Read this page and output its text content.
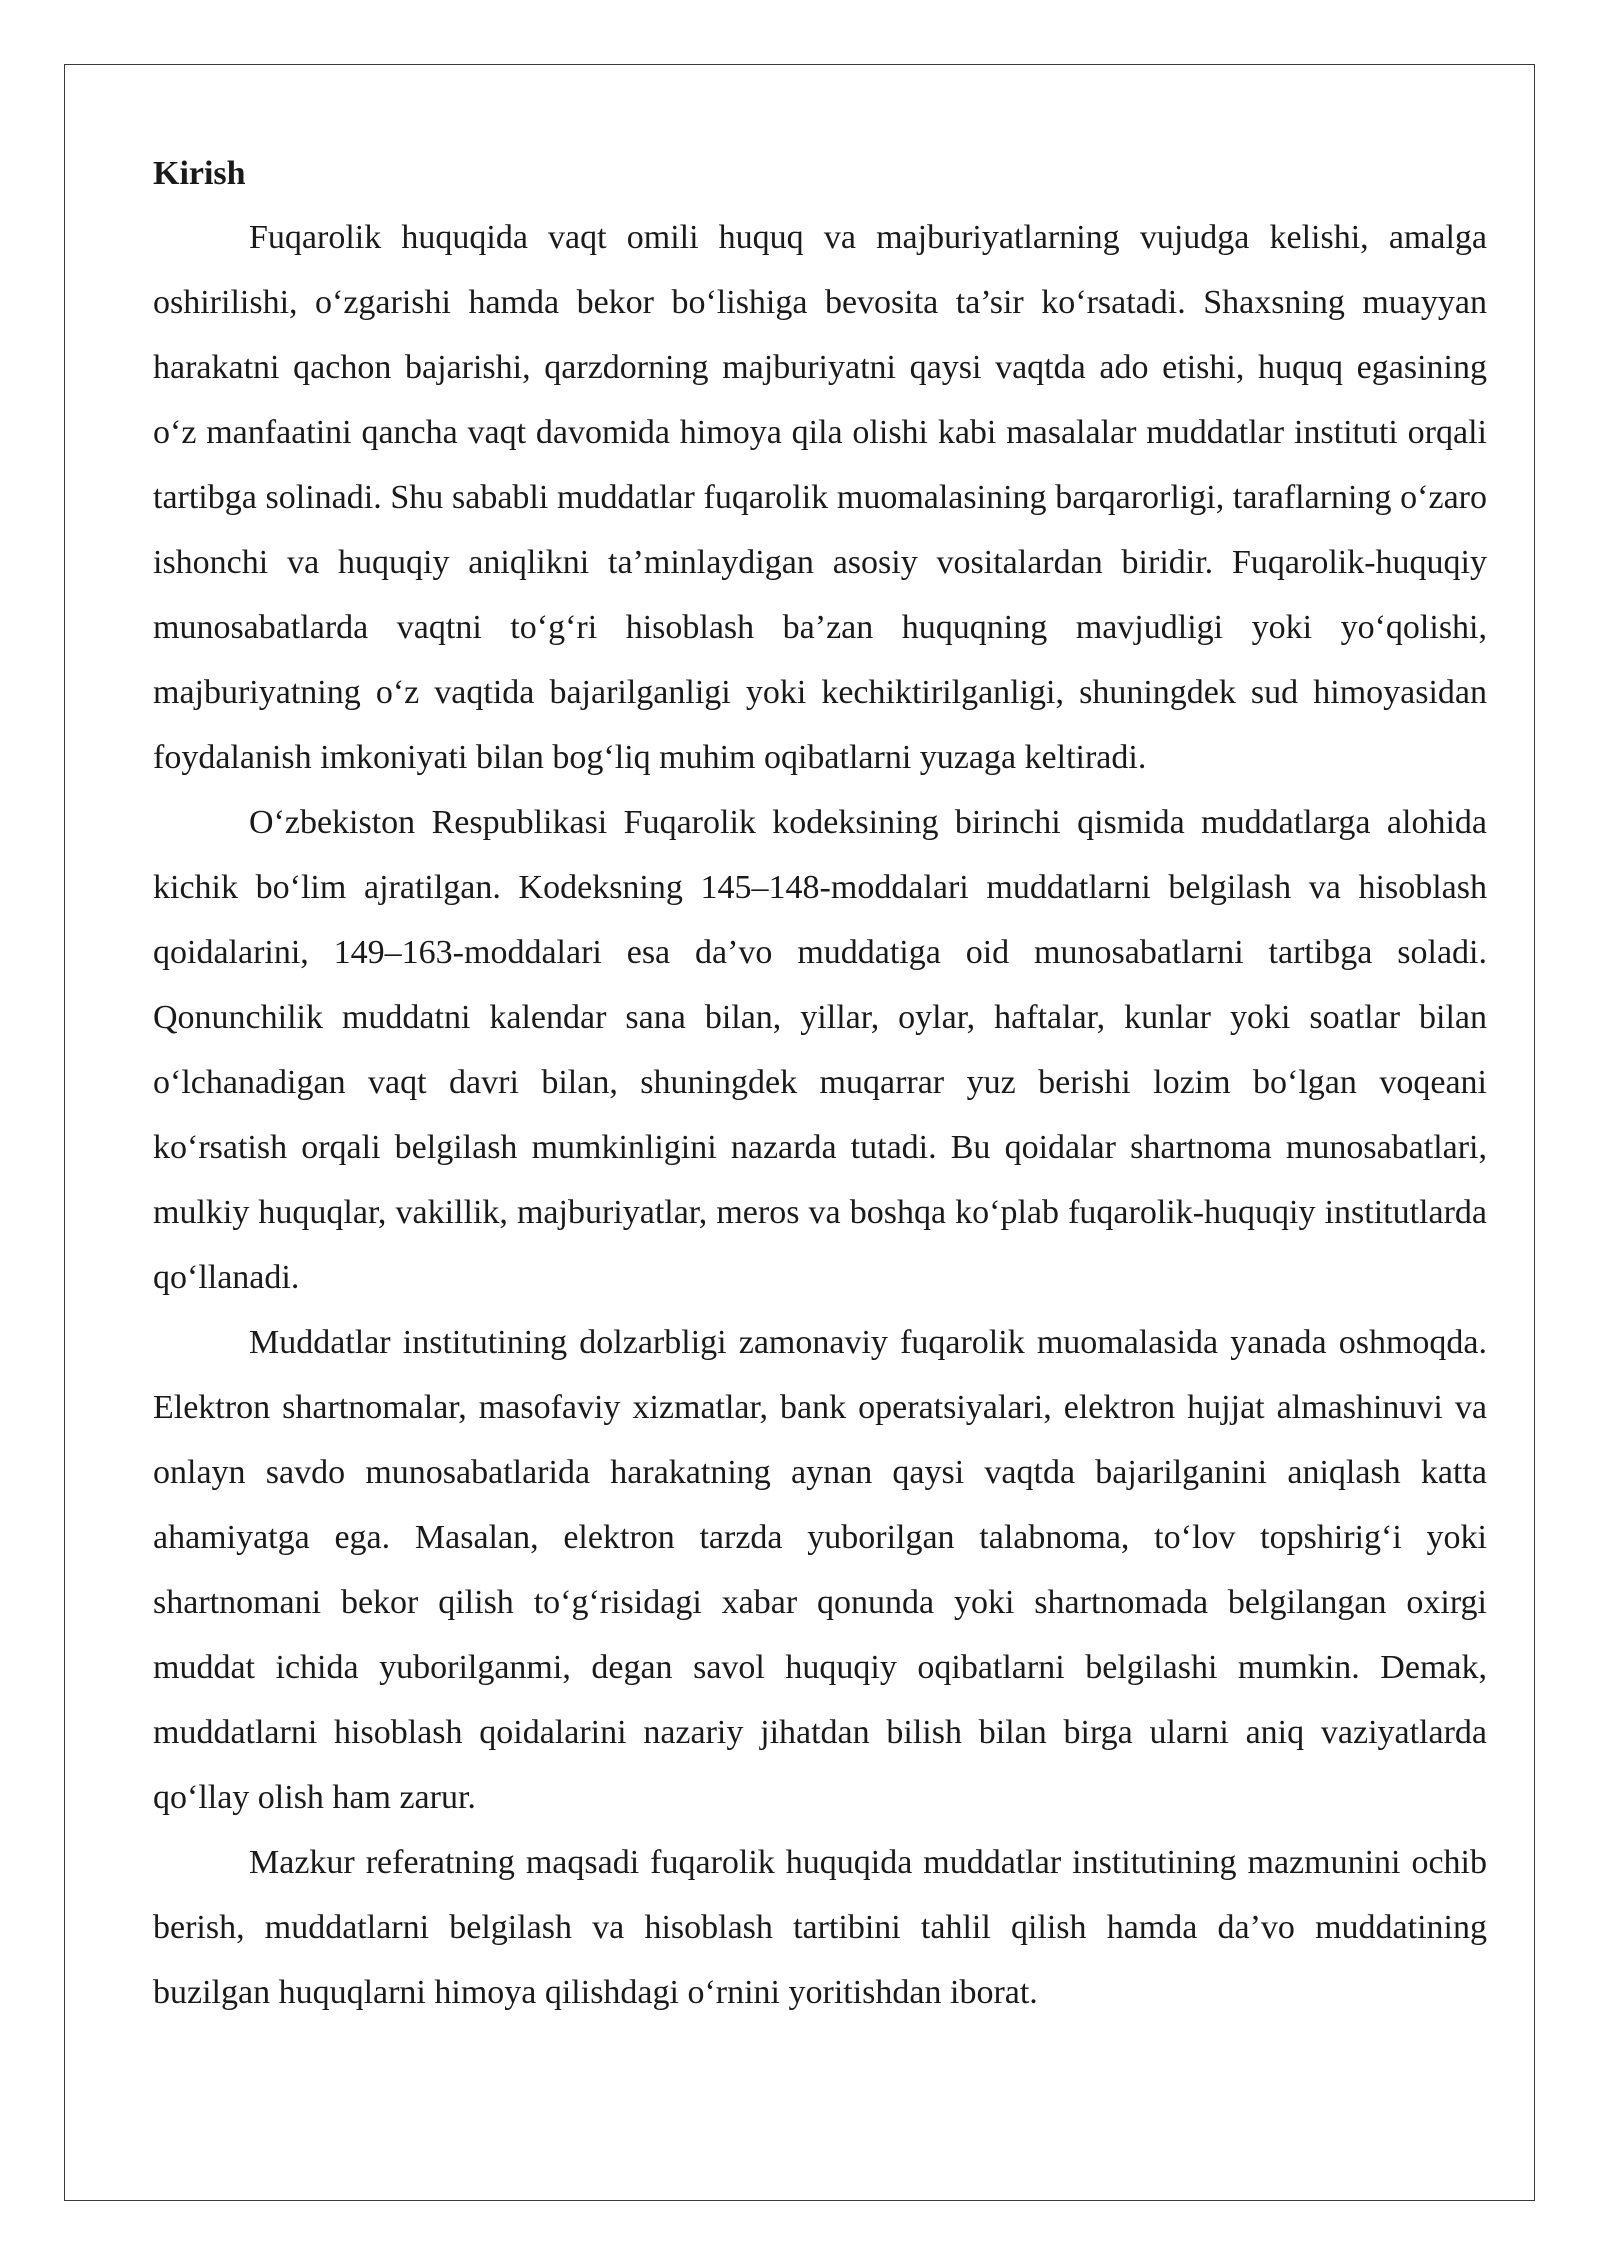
Kirish

Fuqarolik huquqida vaqt omili huquq va majburiyatlarning vujudga kelishi, amalga oshirilishi, o‘zgarishi hamda bekor bo‘lishiga bevosita ta’sir ko‘rsatadi. Shaxsning muayyan harakatni qachon bajarishi, qarzdorning majburiyatni qaysi vaqtda ado etishi, huquq egasining o‘z manfaatini qancha vaqt davomida himoya qila olishi kabi masalalar muddatlar instituti orqali tartibga solinadi. Shu sababli muddatlar fuqarolik muomalasining barqarorligi, taraflarning o‘zaro ishonchi va huquqiy aniqlikni ta’minlaydigan asosiy vositalardan biridir. Fuqarolik-huquqiy munosabatlarda vaqtni to‘g‘ri hisoblash ba’zan huquqning mavjudligi yoki yo‘qolishi, majburiyatning o‘z vaqtida bajarilganligi yoki kechiktirilganligi, shuningdek sud himoyasidan foydalanish imkoniyati bilan bog‘liq muhim oqibatlarni yuzaga keltiradi.

O‘zbekiston Respublikasi Fuqarolik kodeksining birinchi qismida muddatlarga alohida kichik bo‘lim ajratilgan. Kodeksning 145–148-moddalari muddatlarni belgilash va hisoblash qoidalarini, 149–163-moddalari esa da’vo muddatiga oid munosabatlarni tartibga soladi. Qonunchilik muddatni kalendar sana bilan, yillar, oylar, haftalar, kunlar yoki soatlar bilan o‘lchanadigan vaqt davri bilan, shuningdek muqarrar yuz berishi lozim bo‘lgan voqeani ko‘rsatish orqali belgilash mumkinligini nazarda tutadi. Bu qoidalar shartnoma munosabatlari, mulkiy huquqlar, vakillik, majburiyatlar, meros va boshqa ko‘plab fuqarolik-huquqiy institutlarda qo‘llanadi.

Muddatlar institutining dolzarbligi zamonaviy fuqarolik muomalasida yanada oshmoqda. Elektron shartnomalar, masofaviy xizmatlar, bank operatsiyalari, elektron hujjat almashinuvi va onlayn savdo munosabatlarida harakatning aynan qaysi vaqtda bajarilganini aniqlash katta ahamiyatga ega. Masalan, elektron tarzda yuborilgan talabnoma, to‘lov topshirig‘i yoki shartnomani bekor qilish to‘g‘risidagi xabar qonunda yoki shartnomada belgilangan oxirgi muddat ichida yuborilganmi, degan savol huquqiy oqibatlarni belgilashi mumkin. Demak, muddatlarni hisoblash qoidalarini nazariy jihatdan bilish bilan birga ularni aniq vaziyatlarda qo‘llay olish ham zarur.

Mazkur referatning maqsadi fuqarolik huquqida muddatlar institutining mazmunini ochib berish, muddatlarni belgilash va hisoblash tartibini tahlil qilish hamda da’vo muddatining buzilgan huquqlarni himoya qilishdagi o‘rnini yoritishdan iborat.
